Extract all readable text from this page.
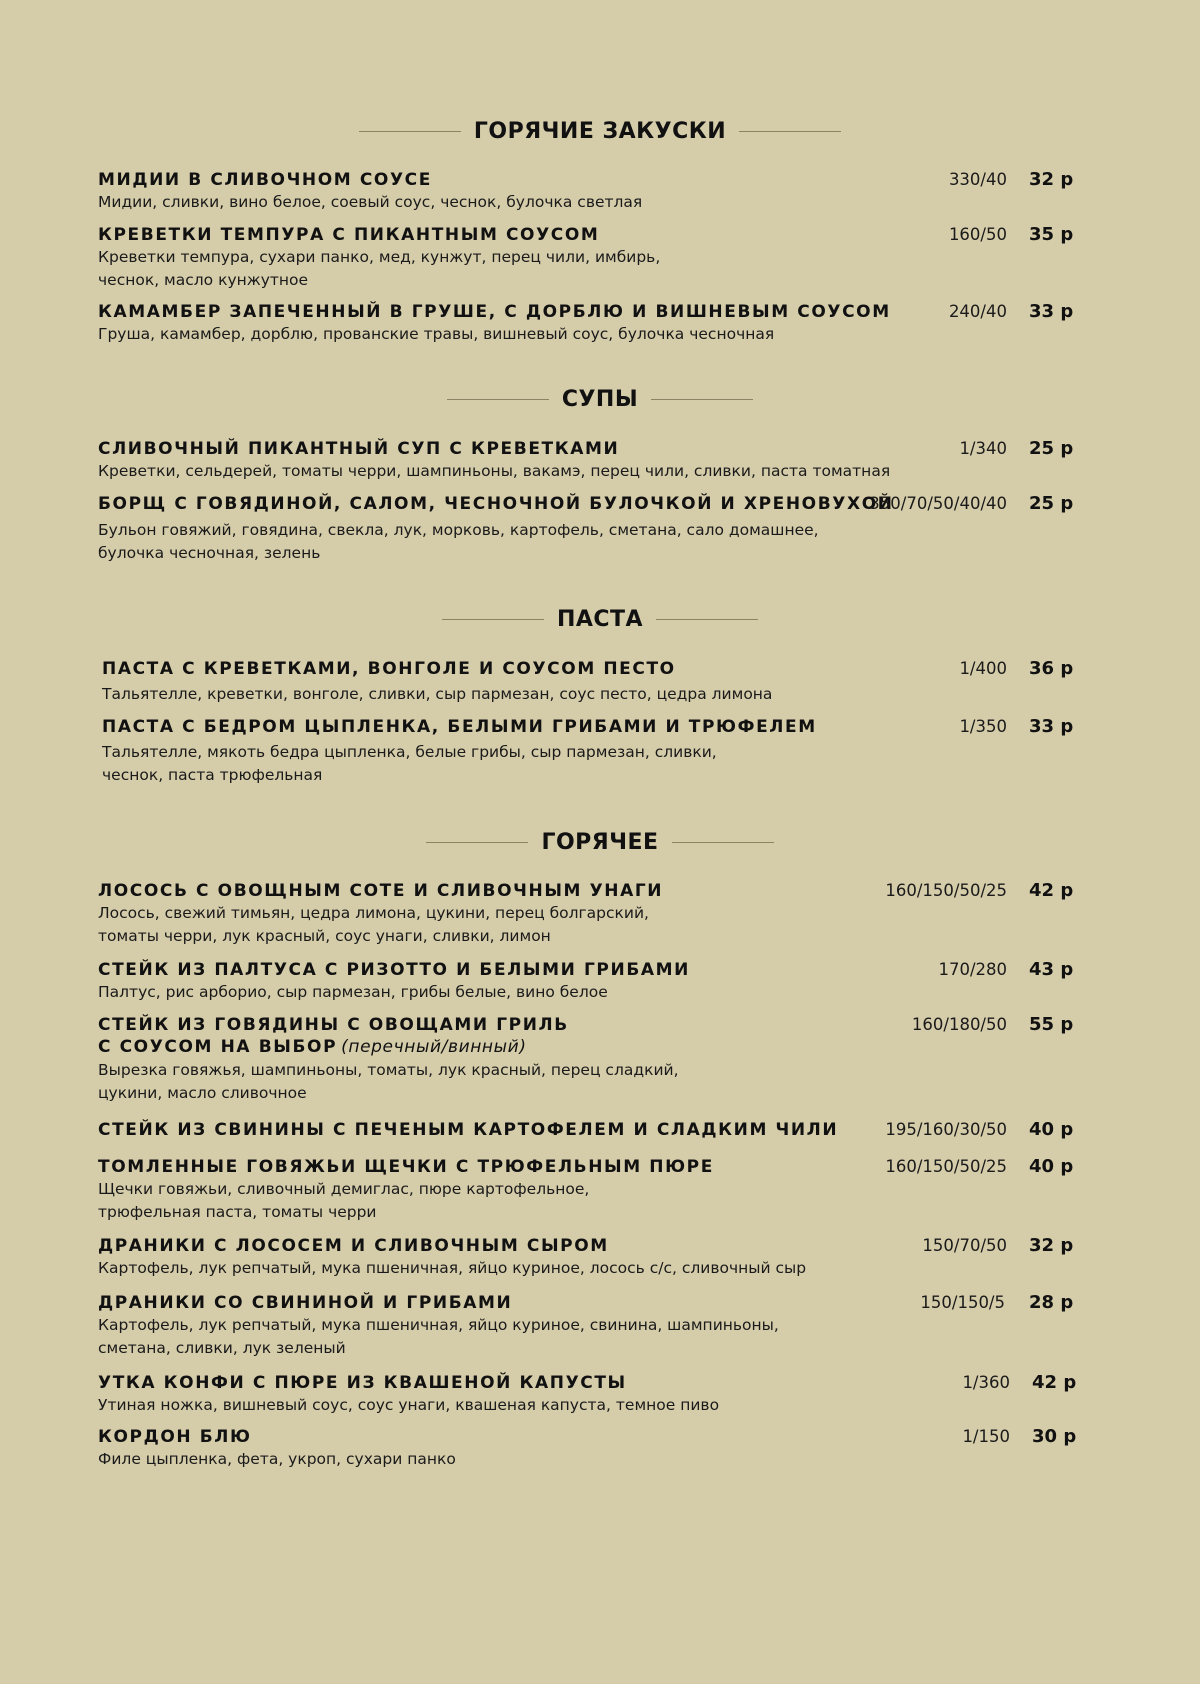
ГОРЯЧИЕ ЗАКУСКИ
МИДИИ В СЛИВОЧНОМ СОУСЕ
Мидии, сливки, вино белое, соевый соус, чеснок, булочка светлая
330/40 32 р
КРЕВЕТКИ ТЕМПУРА С ПИКАНТНЫМ СОУСОМ
Креветки темпура, сухари панко, мед, кунжут, перец чили, имбирь,
чеснок, масло кунжутное
160/50 35 р
КАМАМБЕР ЗАПЕЧЕННЫЙ В ГРУШЕ, С ДОРБЛЮ И ВИШНЕВЫМ СОУСОМ
Груша, камамбер, дорблю, прованские травы, вишневый соус, булочка чесночная
240/40 33 р
СУПЫ
СЛИВОЧНЫЙ ПИКАНТНЫЙ СУП С КРЕВЕТКАМИ
Креветки, сельдерей, томаты черри, шампиньоны, вакамэ, перец чили, сливки, паста томатная
1/340 25 р
БОРЩ С ГОВЯДИНОЙ, САЛОМ, ЧЕСНОЧНОЙ БУЛОЧКОЙ И ХРЕНОВУХОЙ
Бульон говяжий, говядина, свекла, лук, морковь, картофель, сметана, сало домашнее,
булочка чесночная, зелень
350/70/50/40/40 25 р
ПАСТА
ПАСТА С КРЕВЕТКАМИ, ВОНГОЛЕ И СОУСОМ ПЕСТО
Тальятелле, креветки, вонголе, сливки, сыр пармезан, соус песто, цедра лимона
1/400 36 р
ПАСТА С БЕДРОМ ЦЫПЛЕНКА, БЕЛЫМИ ГРИБАМИ И ТРЮФЕЛЕМ
Тальятелле, мякоть бедра цыпленка, белые грибы, сыр пармезан, сливки,
чеснок, паста трюфельная
1/350 33 р
ГОРЯЧЕЕ
ЛОСОСЬ С ОВОЩНЫМ СОТЕ И СЛИВОЧНЫМ УНАГИ
Лосось, свежий тимьян, цедра лимона, цукини, перец болгарский,
томаты черри, лук красный, соус унаги, сливки, лимон
160/150/50/25 42 р
СТЕЙК ИЗ ПАЛТУСА С РИЗОТТО И БЕЛЫМИ ГРИБАМИ
Палтус, рис арборио, сыр пармезан, грибы белые, вино белое
170/280 43 р
СТЕЙК ИЗ ГОВЯДИНЫ С ОВОЩАМИ ГРИЛЬ
С СОУСОМ НА ВЫБОР (перечный/винный)
Вырезка говяжья, шампиньоны, томаты, лук красный, перец сладкий,
цукини, масло сливочное
160/180/50 55 р
СТЕЙК ИЗ СВИНИНЫ С ПЕЧЕНЫМ КАРТОФЕЛЕМ И СЛАДКИМ ЧИЛИ	195/160/30/50 40 р
ТОМЛЕННЫЕ ГОВЯЖЬИ ЩЕЧКИ С ТРЮФЕЛЬНЫМ ПЮРЕ
Щечки говяжьи, сливочный демиглас, пюре картофельное,
трюфельная паста, томаты черри
160/150/50/25 40 р
ДРАНИКИ С ЛОСОСЕМ И СЛИВОЧНЫМ СЫРОМ
Картофель, лук репчатый, мука пшеничная, яйцо куриное, лосось с/с, сливочный сыр
150/70/50 32 р
ДРАНИКИ СО СВИНИНОЙ И ГРИБАМИ
Картофель, лук репчатый, мука пшеничная, яйцо куриное, свинина, шампиньоны,
сметана, сливки, лук зеленый
150/150/5 28 р
УТКА КОНФИ С ПЮРЕ ИЗ КВАШЕНОЙ КАПУСТЫ
Утиная ножка, вишневый соус, соус унаги, квашеная капуста, темное пиво
1/360 42 р
КОРДОН БЛЮ
Филе цыпленка, фета, укроп, сухари панко
1/150 30 р
